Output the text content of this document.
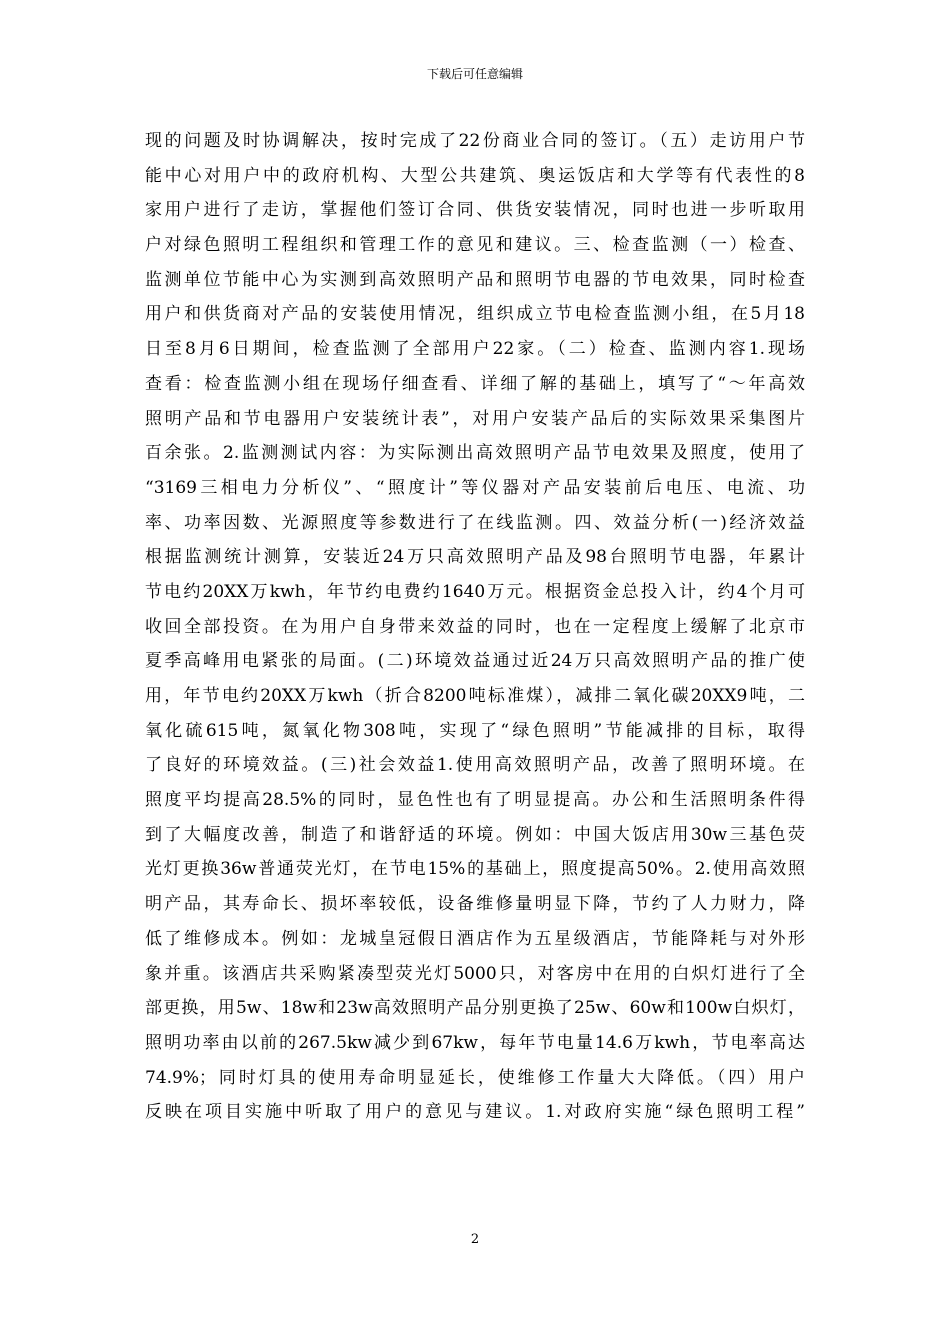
下载后可任意编辑
现的问题及时协调解决，按时完成了22份商业合同的签订。（五）走访用户节
能中心对用户中的政府机构、大型公共建筑、奥运饭店和大学等有代表性的8
家用户进行了走访，掌握他们签订合同、供货安装情况，同时也进一步听取用
户对绿色照明工程组织和管理工作的意见和建议。三、检查监测（一）检查、
监测单位节能中心为实测到高效照明产品和照明节电器的节电效果，同时检查
用户和供货商对产品的安装使用情况，组织成立节电检查监测小组，在5月18
日至8月6日期间，检查监测了全部用户22家。（二）检查、监测内容1.现场
查看：检查监测小组在现场仔细查看、详细了解的基础上，填写了“～年高效
照明产品和节电器用户安装统计表”，对用户安装产品后的实际效果采集图片
百余张。2.监测测试内容：为实际测出高效照明产品节电效果及照度，使用了
“3169三相电力分析仪”、“照度计”等仪器对产品安装前后电压、电流、功
率、功率因数、光源照度等参数进行了在线监测。四、效益分析(一)经济效益
根据监测统计测算，安装近24万只高效照明产品及98台照明节电器，年累计
节电约20XX万kwh，年节约电费约1640万元。根据资金总投入计，约4个月可
收回全部投资。在为用户自身带来效益的同时，也在一定程度上缓解了北京市
夏季高峰用电紧张的局面。(二)环境效益通过近24万只高效照明产品的推广使
用，年节电约20XX万kwh（折合8200吨标准煤），减排二氧化碳20XX9吨，二
氧化硫615吨，氮氧化物308吨，实现了“绿色照明”节能减排的目标，取得
了良好的环境效益。(三)社会效益1.使用高效照明产品，改善了照明环境。在
照度平均提高28.5%的同时，显色性也有了明显提高。办公和生活照明条件得
到了大幅度改善，制造了和谐舒适的环境。例如：中国大饭店用30w三基色荧
光灯更换36w普通荧光灯，在节电15%的基础上，照度提高50%。2.使用高效照
明产品，其寿命长、损坏率较低，设备维修量明显下降，节约了人力财力，降
低了维修成本。例如：龙城皇冠假日酒店作为五星级酒店，节能降耗与对外形
象并重。该酒店共采购紧凑型荧光灯5000只，对客房中在用的白炽灯进行了全
部更换，用5w、18w和23w高效照明产品分别更换了25w、60w和100w白炽灯，
照明功率由以前的267.5kw减少到67kw，每年节电量14.6万kwh，节电率高达
74.9%；同时灯具的使用寿命明显延长，使维修工作量大大降低。（四）用户
反映在项目实施中听取了用户的意见与建议。1.对政府实施“绿色照明工程”
2
